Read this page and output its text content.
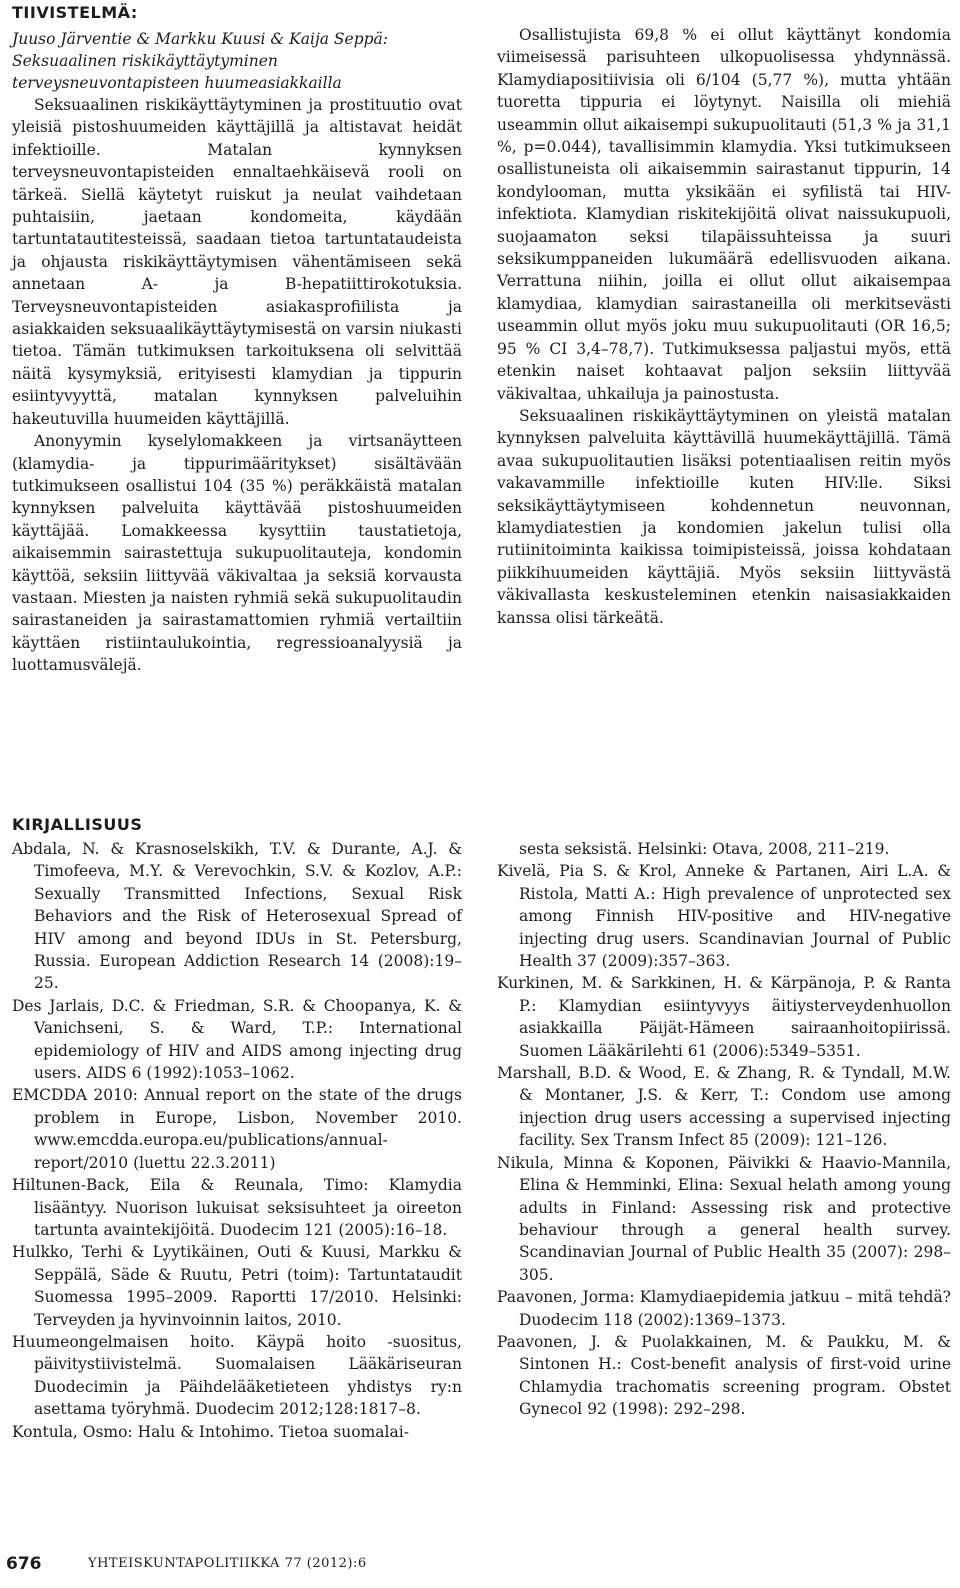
TIIVISTELMÄ:

Juuso Järventie & Markku Kuusi & Kaija Seppä: Seksuaalinen riskikäyttäytyminen terveysneuvontapisteen huumeasiakkailla

Seksuaalinen riskikäyttäytyminen ja prostituutio ovat yleisiä pistoshuumeiden käyttäjillä ja altistavat heidät infektioille. Matalan kynnyksen terveysneuvontapisteiden ennaltaehkäisevä rooli on tärkeä. Siellä käytetyt ruiskut ja neulat vaihdetaan puhtaisiin, jaetaan kondomeita, käydään tartuntatautitesteissä, saadaan tietoa tartuntataudeista ja ohjausta riskikäyttäytymisen vähentämiseen sekä annetaan A- ja B-hepatiittirokotuksia. Terveysneuvontapisteiden asiakasprofiilista ja asiakkaiden seksuaalikäyttäytymisestä on varsin niukasti tietoa. Tämän tutkimuksen tarkoituksena oli selvittää näitä kysymyksiä, erityisesti klamydian ja tippurin esiintyvyyttä, matalan kynnyksen palveluihin hakeutuvilla huumeiden käyttäjillä.

Anonyymin kyselylomakkeen ja virtsanäytteen (klamydia- ja tippurimääritykset) sisältävään tutkimukseen osallistui 104 (35 %) peräkkäistä matalan kynnyksen palveluita käyttävää pistoshuumeiden käyttäjää. Lomakkeessa kysyttiin taustatietoja, aikaisemmin sairastettuja sukupuolitauteja, kondomin käyttöä, seksiin liittyvää väkivaltaa ja seksiä korvausta vastaan. Miesten ja naisten ryhmiä sekä sukupuolitaudin sairastaneiden ja sairastamattomien ryhmiä vertailtiin käyttäen ristiintaulukointia, regressioanalyysiä ja luottamusvälejä.

Osallistujista 69,8 % ei ollut käyttänyt kondomia viimeisessä parisuhteen ulkopuolisessa yhdynnässä. Klamydiapositiivisia oli 6/104 (5,77 %), mutta yhtään tuoretta tippuria ei löytynyt. Naisilla oli miehiä useammin ollut aikaisempi sukupuolitauti (51,3 % ja 31,1 %, p=0.044), tavallisimmin klamydia. Yksi tutkimukseen osallistuneista oli aikaisemmin sairastanut tippurin, 14 kondylooman, mutta yksikään ei syfilistä tai HIV-infektiota. Klamydian riskitekijöitä olivat naissukupuoli, suojaamaton seksi tilapäissuhteissa ja suuri seksikumppaneiden lukumäärä edellisvuoden aikana. Verrattuna niihin, joilla ei ollut ollut aikaisempaa klamydiaa, klamydian sairastaneilla oli merkitsevästi useammin ollut myös joku muu sukupuolitauti (OR 16,5; 95 % CI 3,4–78,7). Tutkimuksessa paljastui myös, että etenkin naiset kohtaavat paljon seksiin liittyvää väkivaltaa, uhkailuja ja painostusta.

Seksuaalinen riskikäyttäytyminen on yleistä matalan kynnyksen palveluita käyttävillä huumekäyttäjillä. Tämä avaa sukupuolitautien lisäksi potentiaalisen reitin myös vakavammille infektioille kuten HIV:lle. Siksi seksikäyttäytymiseen kohdennetun neuvonnan, klamydiatestien ja kondomien jakelun tulisi olla rutiinitoiminta kaikissa toimipisteissä, joissa kohdataan piikkihuumeiden käyttäjiä. Myös seksiin liittyvästä väkivallasta keskusteleminen etenkin naisasiakkaiden kanssa olisi tärkeätä.

KIRJALLISUUS

Abdala, N. & Krasnoselskikh, T.V. & Durante, A.J. & Timofeeva, M.Y. & Verevochkin, S.V. & Kozlov, A.P.: Sexually Transmitted Infections, Sexual Risk Behaviors and the Risk of Heterosexual Spread of HIV among and beyond IDUs in St. Petersburg, Russia. European Addiction Research 14 (2008):19–25.

Des Jarlais, D.C. & Friedman, S.R. & Choopanya, K. & Vanichseni, S. & Ward, T.P.: International epidemiology of HIV and AIDS among injecting drug users. AIDS 6 (1992):1053–1062.

EMCDDA 2010: Annual report on the state of the drugs problem in Europe, Lisbon, November 2010. www.emcdda.europa.eu/publications/annual-report/2010 (luettu 22.3.2011)

Hiltunen-Back, Eila & Reunala, Timo: Klamydia lisääntyy. Nuorison lukuisat seksisuhteet ja oireeton tartunta avaintekijöitä. Duodecim 121 (2005):16–18.

Hulkko, Terhi & Lyytikäinen, Outi & Kuusi, Markku & Seppälä, Säde & Ruutu, Petri (toim): Tartuntataudit Suomessa 1995–2009. Raportti 17/2010. Helsinki: Terveyden ja hyvinvoinnin laitos, 2010.

Huumeongelmaisen hoito. Käypä hoito -suositus, päivitystiivistelmä. Suomalaisen Lääkäriseuran Duodecimin ja Päihdelääketieteen yhdistys ry:n asettama työryhmä. Duodecim 2012;128:1817–8.

Kontula, Osmo: Halu & Intohimo. Tietoa suomalai-

sesta seksistä. Helsinki: Otava, 2008, 211–219.

Kivelä, Pia S. & Krol, Anneke & Partanen, Airi L.A. & Ristola, Matti A.: High prevalence of unprotected sex among Finnish HIV-positive and HIV-negative injecting drug users. Scandinavian Journal of Public Health 37 (2009):357–363.

Kurkinen, M. & Sarkkinen, H. & Kärpänoja, P. & Ranta P.: Klamydian esiintyvyys äitiysterveydenhuollon asiakkailla Päijät-Hämeen sairaanhoitopiirissä. Suomen Lääkärilehti 61 (2006):5349–5351.

Marshall, B.D. & Wood, E. & Zhang, R. & Tyndall, M.W. & Montaner, J.S. & Kerr, T.: Condom use among injection drug users accessing a supervised injecting facility. Sex Transm Infect 85 (2009): 121–126.

Nikula, Minna & Koponen, Päivikki & Haavio-Mannila, Elina & Hemminki, Elina: Sexual helath among young adults in Finland: Assessing risk and protective behaviour through a general health survey. Scandinavian Journal of Public Health 35 (2007): 298–305.

Paavonen, Jorma: Klamydiaepidemia jatkuu – mitä tehdä? Duodecim 118 (2002):1369–1373.

Paavonen, J. & Puolakkainen, M. & Paukku, M. & Sintonen H.: Cost-benefit analysis of first-void urine Chlamydia trachomatis screening program. Obstet Gynecol 92 (1998): 292–298.

676	YHTEISKUNTAPOLITIIKKA 77 (2012):6
